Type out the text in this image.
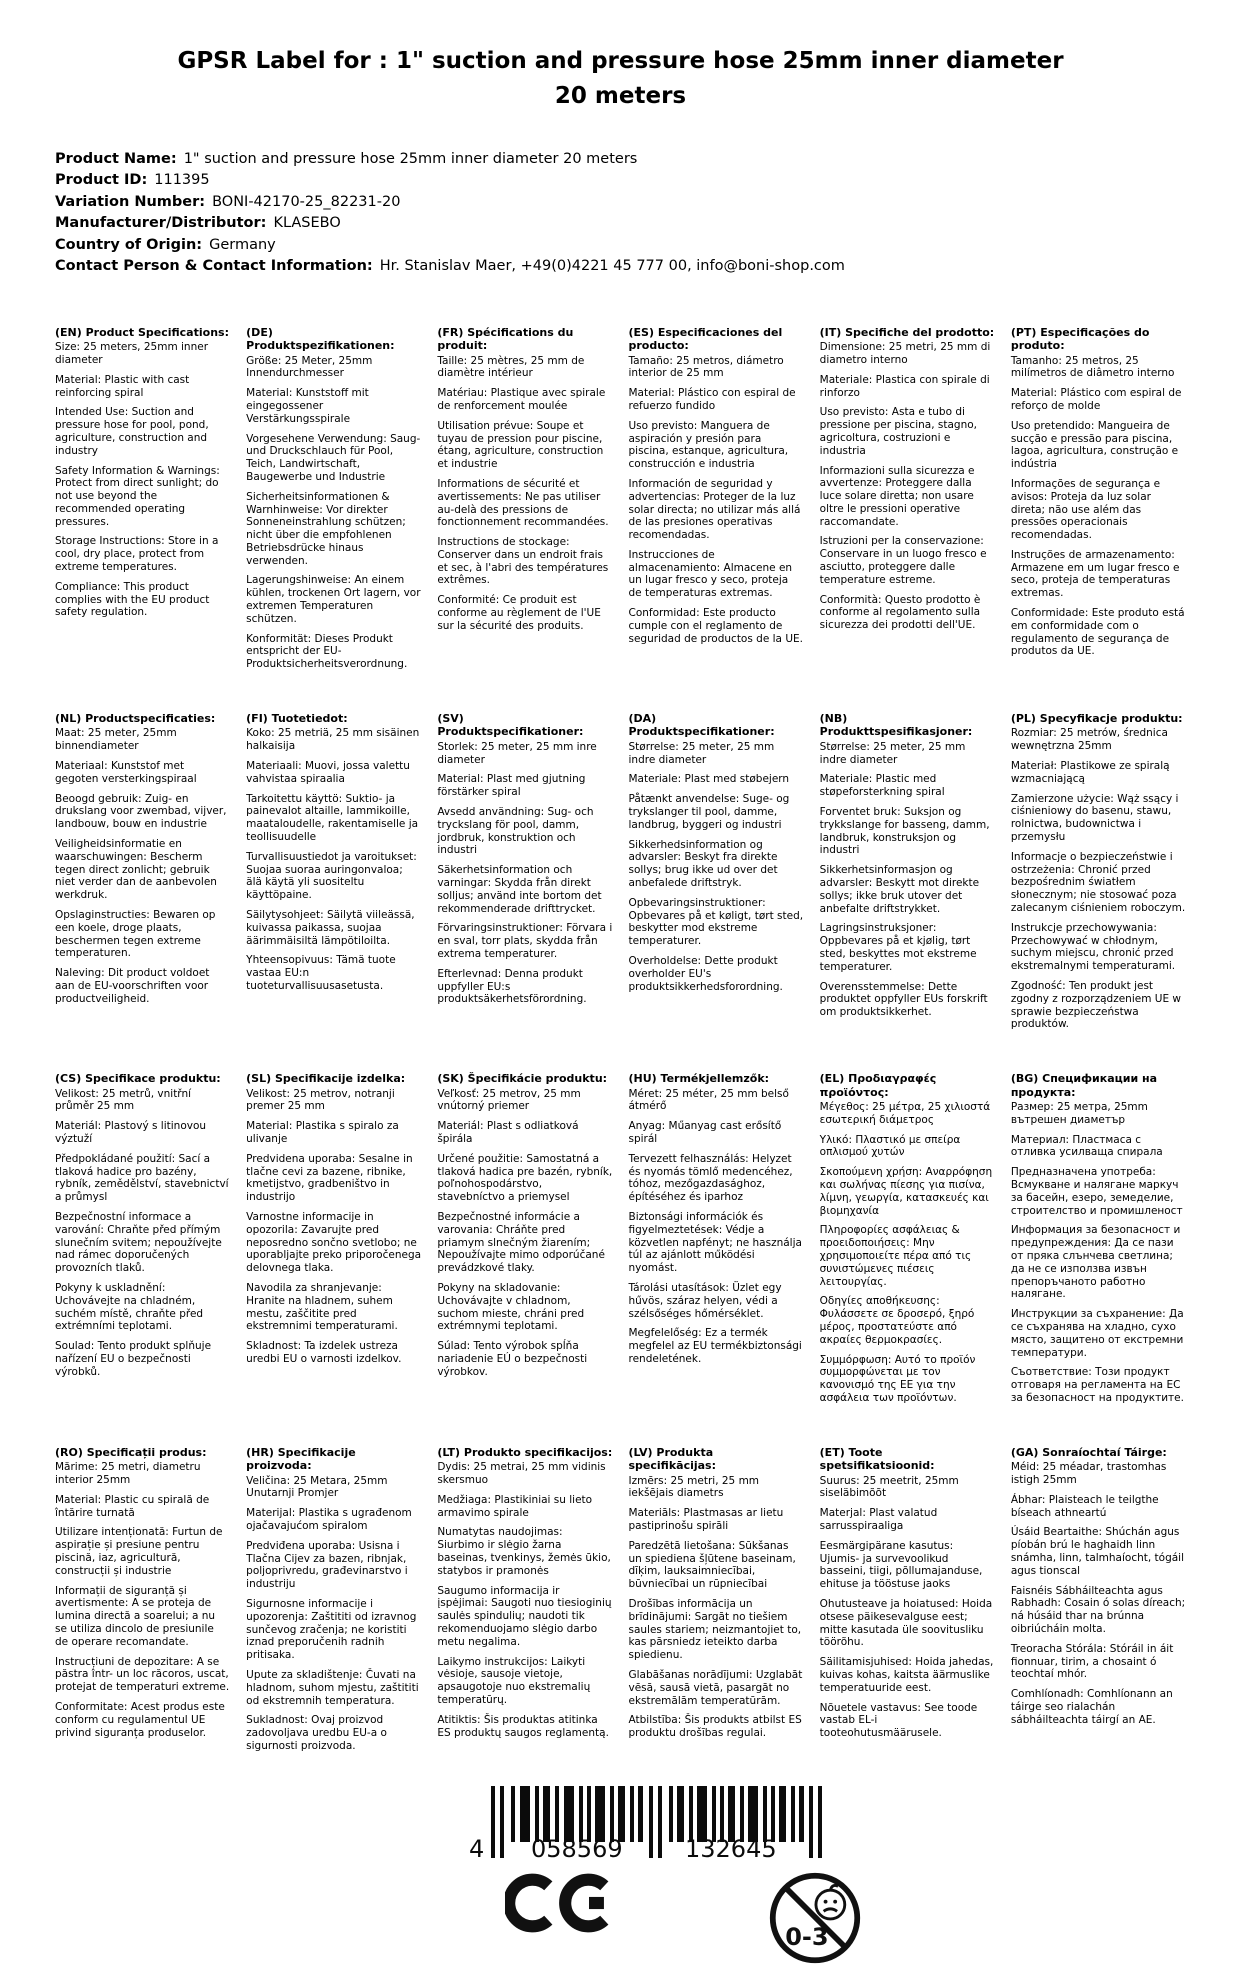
GPSR Label for : 1" suction and pressure hose 25mm inner diameter
20 meters
Product Name: 1" suction and pressure hose 25mm inner diameter 20 meters
Product ID: 111395
Variation Number: BONI-42170-25_82231-20
Manufacturer/Distributor: KLASEBO
Country of Origin: Germany
Contact Person & Contact Information: Hr. Stanislav Maer, +49(0)4221 45 777 00, info@boni-shop.com
(EN) Product Specifications:

Size: 25 meters, 25mm inner diameter

Material: Plastic with cast reinforcing spiral

Intended Use: Suction and pressure hose for pool, pond, agriculture, construction and industry

Safety Information & Warnings: Protect from direct sunlight; do not use beyond the recommended operating pressures.

Storage Instructions: Store in a cool, dry place, protect from extreme temperatures.

Compliance: This product complies with the EU product safety regulation.

(DE) Produktspezifikationen:

Größe: 25 Meter, 25mm Innendurchmesser

Material: Kunststoff mit eingegossener Verstärkungsspirale

Vorgesehene Verwendung: Saug- und Druckschlauch für Pool, Teich, Landwirtschaft, Baugewerbe und Industrie

Sicherheitsinformationen & Warnhinweise: Vor direkter Sonneneinstrahlung schützen; nicht über die empfohlenen Betriebsdrücke hinaus verwenden.

Lagerungshinweise: An einem kühlen, trockenen Ort lagern, vor extremen Temperaturen schützen.

Konformität: Dieses Produkt entspricht der EU-Produktsicherheitsverordnung.

(FR) Spécifications du produit:

Taille: 25 mètres, 25 mm de diamètre intérieur

Matériau: Plastique avec spirale de renforcement moulée

Utilisation prévue: Soupe et tuyau de pression pour piscine, étang, agriculture, construction et industrie

Informations de sécurité et avertissements: Ne pas utiliser au-delà des pressions de fonctionnement recommandées.

Instructions de stockage: Conserver dans un endroit frais et sec, à l'abri des températures extrêmes.

Conformité: Ce produit est conforme au règlement de l'UE sur la sécurité des produits.

(ES) Especificaciones del producto:

Tamaño: 25 metros, diámetro interior de 25 mm

Material: Plástico con espiral de refuerzo fundido

Uso previsto: Manguera de aspiración y presión para piscina, estanque, agricultura, construcción e industria

Información de seguridad y advertencias: Proteger de la luz solar directa; no utilizar más allá de las presiones operativas recomendadas.

Instrucciones de almacenamiento: Almacene en un lugar fresco y seco, proteja de temperaturas extremas.

Conformidad: Este producto cumple con el reglamento de seguridad de productos de la UE.

(IT) Specifiche del prodotto:

Dimensione: 25 metri, 25 mm di diametro interno

Materiale: Plastica con spirale di rinforzo

Uso previsto: Asta e tubo di pressione per piscina, stagno, agricoltura, costruzioni e industria

Informazioni sulla sicurezza e avvertenze: Proteggere dalla luce solare diretta; non usare oltre le pressioni operative raccomandate.

Istruzioni per la conservazione: Conservare in un luogo fresco e asciutto, proteggere dalle temperature estreme.

Conformità: Questo prodotto è conforme al regolamento sulla sicurezza dei prodotti dell'UE.

(PT) Especificações do produto:

Tamanho: 25 metros, 25 milímetros de diâmetro interno

Material: Plástico com espiral de reforço de molde

Uso pretendido: Mangueira de sucção e pressão para piscina, lagoa, agricultura, construção e indústria

Informações de segurança e avisos: Proteja da luz solar direta; não use além das pressões operacionais recomendadas.

Instruções de armazenamento: Armazene em um lugar fresco e seco, proteja de temperaturas extremas.

Conformidade: Este produto está em conformidade com o regulamento de segurança de produtos da UE.

(NL) Productspecificaties:

Maat: 25 meter, 25mm binnendiameter

Materiaal: Kunststof met gegoten versterkingspiraal

Beoogd gebruik: Zuig- en drukslang voor zwembad, vijver, landbouw, bouw en industrie

Veiligheidsinformatie en waarschuwingen: Bescherm tegen direct zonlicht; gebruik niet verder dan de aanbevolen werkdruk.

Opslaginstructies: Bewaren op een koele, droge plaats, beschermen tegen extreme temperaturen.

Naleving: Dit product voldoet aan de EU-voorschriften voor productveiligheid.

(FI) Tuotetiedot:

Koko: 25 metriä, 25 mm sisäinen halkaisija

Materiaali: Muovi, jossa valettu vahvistaa spiraalia

Tarkoitettu käyttö: Suktio- ja painevalot altaille, lammikoille, maataloudelle, rakentamiselle ja teollisuudelle

Turvallisuustiedot ja varoitukset: Suojaa suoraa auringonvaloa; älä käytä yli suositeltu käyttöpaine.

Säilytysohjeet: Säilytä viileässä, kuivassa paikassa, suojaa äärimmäisiltä lämpötiloilta.

Yhteensopivuus: Tämä tuote vastaa EU:n tuoteturvallisuusasetusta.

(SV) Produktspecifikationer:

Storlek: 25 meter, 25 mm inre diameter

Material: Plast med gjutning förstärker spiral

Avsedd användning: Sug- och tryckslang för pool, damm, jordbruk, konstruktion och industri

Säkerhetsinformation och varningar: Skydda från direkt solljus; använd inte bortom det rekommenderade drifttrycket.

Förvaringsinstruktioner: Förvara i en sval, torr plats, skydda från extrema temperaturer.

Efterlevnad: Denna produkt uppfyller EU:s produktsäkerhetsförordning.

(DA) Produktspecifikationer:

Størrelse: 25 meter, 25 mm indre diameter

Materiale: Plast med støbejern

Påtænkt anvendelse: Suge- og trykslanger til pool, damme, landbrug, byggeri og industri

Sikkerhedsinformation og advarsler: Beskyt fra direkte sollys; brug ikke ud over det anbefalede driftstryk.

Opbevaringsinstruktioner: Opbevares på et køligt, tørt sted, beskytter mod ekstreme temperaturer.

Overholdelse: Dette produkt overholder EU's produktsikkerhedsforordning.

(NB) Produkttspesifikasjoner:

Størrelse: 25 meter, 25 mm indre diameter

Materiale: Plastic med støpeforsterkning spiral

Forventet bruk: Suksjon og trykkslange for basseng, damm, landbruk, konstruksjon og industri

Sikkerhetsinformasjon og advarsler: Beskytt mot direkte sollys; ikke bruk utover det anbefalte driftstrykket.

Lagringsinstruksjoner: Oppbevares på et kjølig, tørt sted, beskyttes mot ekstreme temperaturer.

Overensstemmelse: Dette produktet oppfyller EUs forskrift om produktsikkerhet.

(PL) Specyfikacje produktu:

Rozmiar: 25 metrów, średnica wewnętrzna 25mm

Materiał: Plastikowe ze spiralą wzmacniającą

Zamierzone użycie: Wąż ssący i ciśnieniowy do basenu, stawu, rolnictwa, budownictwa i przemysłu

Informacje o bezpieczeństwie i ostrzeżenia: Chronić przed bezpośrednim światłem słonecznym; nie stosować poza zalecanym ciśnieniem roboczym.

Instrukcje przechowywania: Przechowywać w chłodnym, suchym miejscu, chronić przed ekstremalnymi temperaturami.

Zgodność: Ten produkt jest zgodny z rozporządzeniem UE w sprawie bezpieczeństwa produktów.

(CS) Specifikace produktu:

Velikost: 25 metrů, vnitřní průměr 25 mm

Materiál: Plastový s litinovou výztuží

Předpokládané použití: Sací a tlaková hadice pro bazény, rybník, zemědělství, stavebnictví a průmysl

Bezpečnostní informace a varování: Chraňte před přímým slunečním svitem; nepoužívejte nad rámec doporučených provozních tlaků.

Pokyny k uskladnění: Uchovávejte na chladném, suchém místě, chraňte před extrémními teplotami.

Soulad: Tento produkt splňuje nařízení EU o bezpečnosti výrobků.

(SL) Specifikacije izdelka:

Velikost: 25 metrov, notranji premer 25 mm

Material: Plastika s spiralo za ulivanje

Predvidena uporaba: Sesalne in tlačne cevi za bazene, ribnike, kmetijstvo, gradbeništvo in industrijo

Varnostne informacije in opozorila: Zavarujte pred neposredno sončno svetlobo; ne uporabljajte preko priporočenega delovnega tlaka.

Navodila za shranjevanje: Hranite na hladnem, suhem mestu, zaščitite pred ekstremnimi temperaturami.

Skladnost: Ta izdelek ustreza uredbi EU o varnosti izdelkov.

(SK) Špecifikácie produktu:

Veľkosť: 25 metrov, 25 mm vnútorný priemer

Materiál: Plast s odliatková špirála

Určené použitie: Samostatná a tlaková hadica pre bazén, rybník, poľnohospodárstvo, stavebníctvo a priemysel

Bezpečnostné informácie a varovania: Chráňte pred priamym slnečným žiarením; Nepoužívajte mimo odporúčané prevádzkové tlaky.

Pokyny na skladovanie: Uchovávajte v chladnom, suchom mieste, chráni pred extrémnymi teplotami.

Súlad: Tento výrobok spĺňa nariadenie EÚ o bezpečnosti výrobkov.

(HU) Termékjellemzők:

Méret: 25 méter, 25 mm belső átmérő

Anyag: Műanyag cast erősítő spirál

Tervezett felhasználás: Helyzet és nyomás tömlő medencéhez, tóhoz, mezőgazdasághoz, építéséhez és iparhoz

Biztonsági információk és figyelmeztetések: Védje a közvetlen napfényt; ne használja túl az ajánlott működési nyomást.

Tárolási utasítások: Üzlet egy hűvös, száraz helyen, védi a szélsőséges hőmérséklet.

Megfelelőség: Ez a termék megfelel az EU termékbiztonsági rendeletének.

(EL) Προδιαγραφές προϊόντος:

Μέγεθος: 25 μέτρα, 25 χιλιοστά εσωτερική διάμετρος

Υλικό: Πλαστικό με σπείρα οπλισμού χυτών

Σκοπούμενη χρήση: Αναρρόφηση και σωλήνας πίεσης για πισίνα, λίμνη, γεωργία, κατασκευές και βιομηχανία

Πληροφορίες ασφάλειας & προειδοποιήσεις: Μην χρησιμοποιείτε πέρα από τις συνιστώμενες πιέσεις λειτουργίας.

Οδηγίες αποθήκευσης: Φυλάσσετε σε δροσερό, ξηρό μέρος, προστατεύστε από ακραίες θερμοκρασίες.

Συμμόρφωση: Αυτό το προϊόν συμμορφώνεται με τον κανονισμό της ΕΕ για την ασφάλεια των προϊόντων.

(BG) Спецификации на продукта:

Размер: 25 метра, 25mm вътрешен диаметър

Материал: Пластмаса с отливка усилваща спирала

Предназначена употреба: Всмукване и налягане маркуч за басейн, езеро, земеделие, строителство и промишленост

Информация за безопасност и предупреждения: Да се пази от пряка слънчева светлина; да не се използва извън препоръчаното работно налягане.

Инструкции за съхранение: Да се съхранява на хладно, сухо място, защитено от екстремни температури.

Съответствие: Този продукт отговаря на регламента на ЕС за безопасност на продуктите.

(RO) Specificații produs:

Mărime: 25 metri, diametru interior 25mm

Material: Plastic cu spirală de întărire turnată

Utilizare intenționată: Furtun de aspirație și presiune pentru piscină, iaz, agricultură, construcții și industrie

Informații de siguranță și avertismente: A se proteja de lumina directă a soarelui; a nu se utiliza dincolo de presiunile de operare recomandate.

Instrucțiuni de depozitare: A se păstra într- un loc răcoros, uscat, protejat de temperaturi extreme.

Conformitate: Acest produs este conform cu regulamentul UE privind siguranța produselor.

(HR) Specifikacije proizvoda:

Veličina: 25 Metara, 25mm Unutarnji Promjer

Materijal: Plastika s ugrađenom ojačavajućom spiralom

Predviđena uporaba: Usisna i Tlačna Cijev za bazen, ribnjak, poljoprivredu, građevinarstvo i industriju

Sigurnosne informacije i upozorenja: Zaštititi od izravnog sunčevog zračenja; ne koristiti iznad preporučenih radnih pritisaka.

Upute za skladištenje: Čuvati na hladnom, suhom mjestu, zaštititi od ekstremnih temperatura.

Sukladnost: Ovaj proizvod zadovoljava uredbu EU-a o sigurnosti proizvoda.

(LT) Produkto specifikacijos:

Dydis: 25 metrai, 25 mm vidinis skersmuo

Medžiaga: Plastikiniai su lieto armavimo spirale

Numatytas naudojimas: Siurbimo ir slėgio žarna baseinas, tvenkinys, žemės ūkio, statybos ir pramonės

Saugumo informacija ir įspėjimai: Saugoti nuo tiesioginių saulės spindulių; naudoti tik rekomenduojamo slėgio darbo metu negalima.

Laikymo instrukcijos: Laikyti vėsioje, sausoje vietoje, apsaugotoje nuo ekstremalių temperatūrų.

Atitiktis: Šis produktas atitinka ES produktų saugos reglamentą.

(LV) Produkta specifikācijas:

Izmērs: 25 metri, 25 mm iekšējais diametrs

Materiāls: Plastmasas ar lietu pastiprinošu spirāli

Paredzētā lietošana: Sūkšanas un spiediena šļūtene baseinam, dīķim, lauksaimniecībai, būvniecībai un rūpniecībai

Drošības informācija un brīdinājumi: Sargāt no tiešiem saules stariem; neizmantojiet to, kas pārsniedz ieteikto darba spiedienu.

Glabāšanas norādījumi: Uzglabāt vēsā, sausā vietā, pasargāt no ekstremālām temperatūrām.

Atbilstība: Šis produkts atbilst ES produktu drošības regulai.

(ET) Toote spetsifikatsioonid:

Suurus: 25 meetrit, 25mm siseläbimõõt

Materjal: Plast valatud sarrusspiraaliga

Eesmärgipärane kasutus: Ujumis- ja survevoolikud basseini, tiigi, põllumajanduse, ehituse ja tööstuse jaoks

Ohutusteave ja hoiatused: Hoida otsese päikesevalguse eest; mitte kasutada üle soovitusliku töörõhu.

Säilitamisjuhised: Hoida jahedas, kuivas kohas, kaitsta äärmuslike temperatuuride eest.

Nõuetele vastavus: See toode vastab EL-i tooteohutusmäärusele.

(GA) Sonraíochtaí Táirge:

Méid: 25 méadar, trastomhas istigh 25mm

Ábhar: Plaisteach le teilgthe bíseach athneartú

Úsáid Beartaithe: Shúchán agus píobán brú le haghaidh linn snámha, linn, talmhaíocht, tógáil agus tionscal

Faisnéis Sábháilteachta agus Rabhadh: Cosain ó solas díreach; ná húsáid thar na brúnna oibriúcháin molta.

Treoracha Stórála: Stóráil in áit fionnuar, tirim, a chosaint ó teochtaí mhór.

Comhlíonadh: Comhlíonann an táirge seo rialachán sábháilteachta táirgí an AE.

4 058569	132645
0-3
